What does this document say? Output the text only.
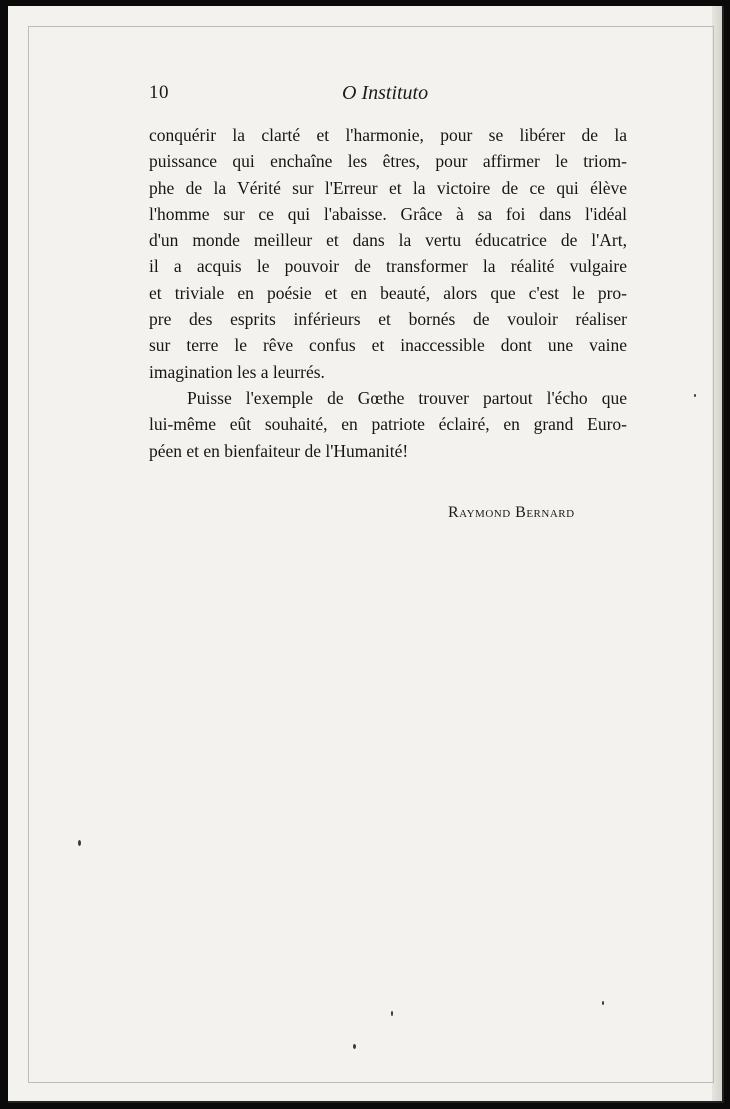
10	O Instituto
conquérir la clarté et l'harmonie, pour se libérer de la
puissance qui enchaîne les êtres, pour affirmer le triom-
phe de la Vérité sur l'Erreur et la victoire de ce qui élève
l'homme sur ce qui l'abaisse. Grâce à sa foi dans l'idéal
d'un monde meilleur et dans la vertu éducatrice de l'Art,
il a acquis le pouvoir de transformer la réalité vulgaire
et triviale en poésie et en beauté, alors que c'est le pro-
pre des esprits inférieurs et bornés de vouloir réaliser
sur terre le rêve confus et inaccessible dont une vaine
imagination les a leurrés.
Puisse l'exemple de Gœthe trouver partout l'écho que
lui-même eût souhaité, en patriote éclairé, en grand Euro-
péen et en bienfaiteur de l'Humanité!
Raymond Bernard
